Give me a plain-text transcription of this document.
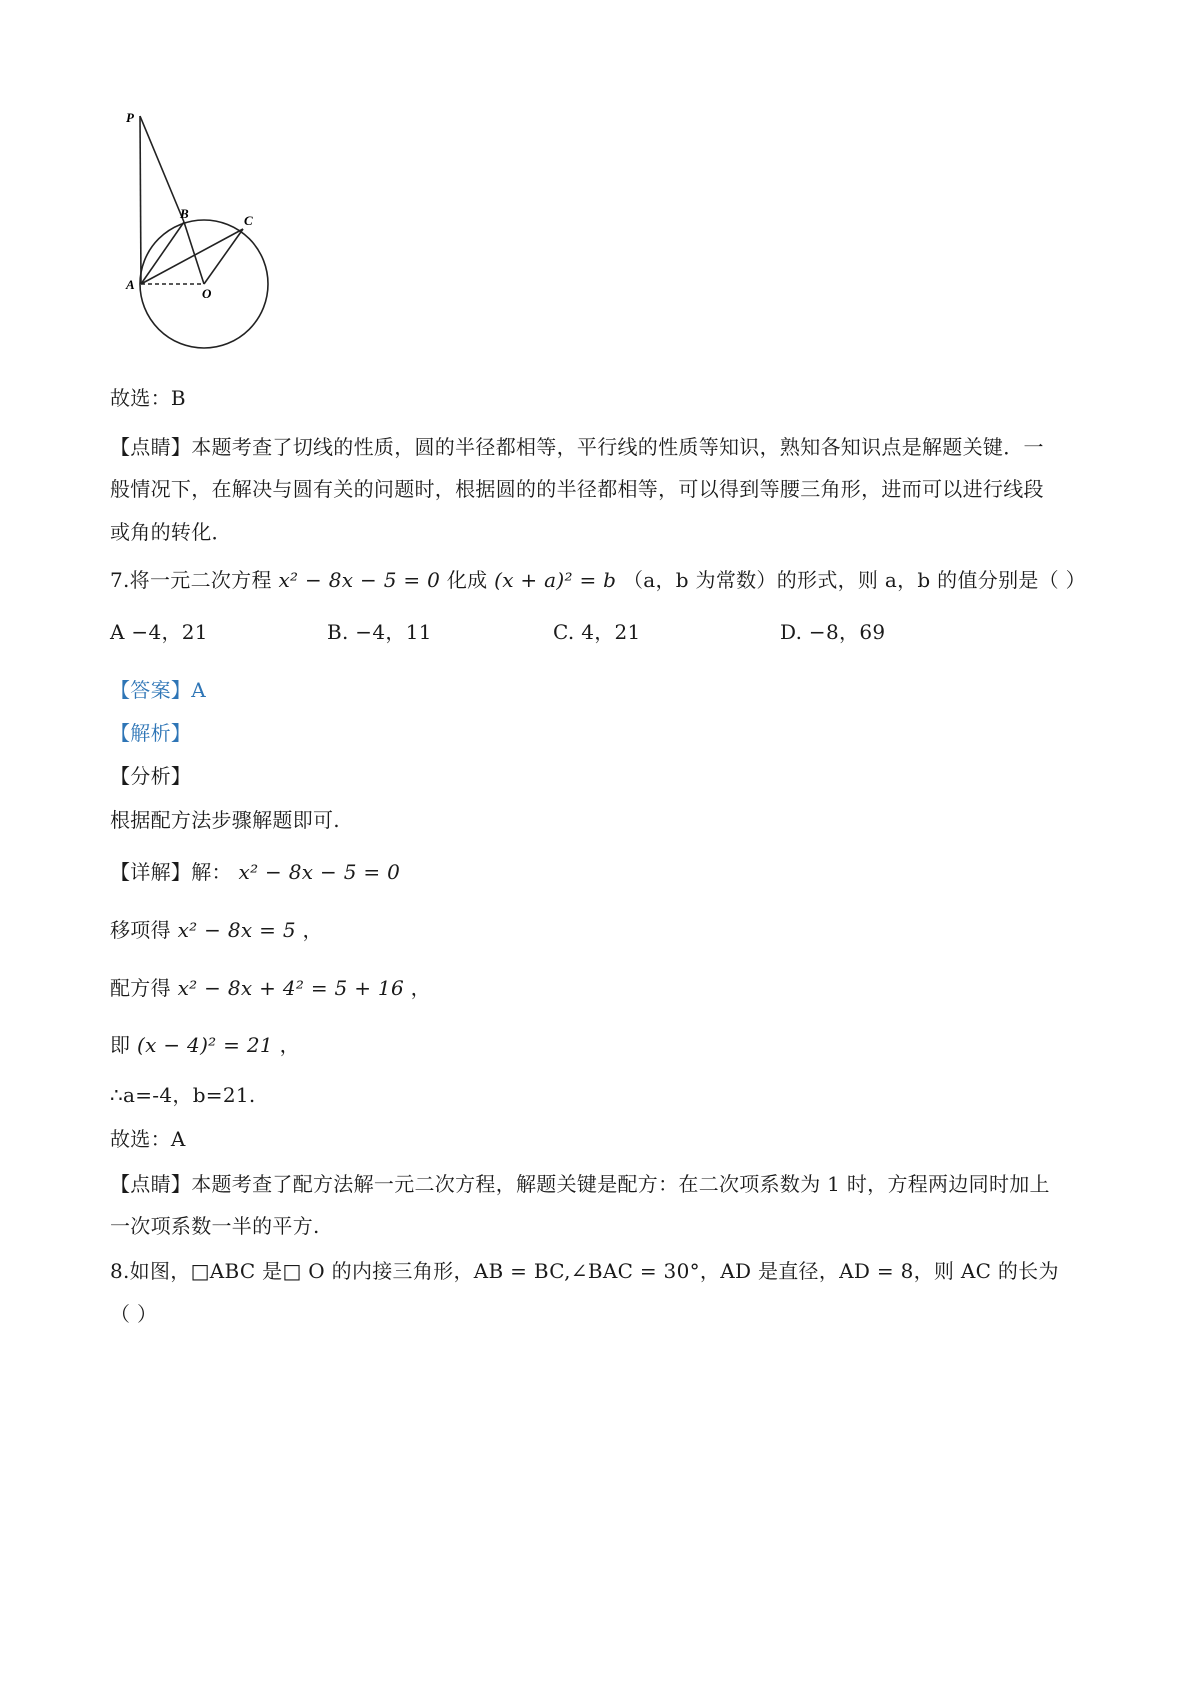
P
B	C
A
O
故选：B
【点睛】本题考查了切线的性质，圆的半径都相等，平行线的性质等知识，熟知各知识点是解题关键．一
般情况下，在解决与圆有关的问题时，根据圆的的半径都相等，可以得到等腰三角形，进而可以进行线段
或角的转化．
7.将一元二次方程 x² − 8x − 5 = 0 化成 (x + a)² = b （a，b 为常数）的形式，则 a，b 的值分别是（ ）
A −4，21	B. −4，11	C. 4，21	D. −8，69
【答案】A
【解析】
【分析】
根据配方法步骤解题即可.
【详解】解： x² − 8x − 5 = 0
移项得 x² − 8x = 5 ，
配方得 x² − 8x + 4² = 5 + 16 ，
即 (x − 4)² = 21 ，
∴a=-4，b=21.
故选：A
【点睛】本题考查了配方法解一元二次方程，解题关键是配方：在二次项系数为 1 时，方程两边同时加上
一次项系数一半的平方.
8.如图，□ABC 是□ O 的内接三角形，AB = BC,∠BAC = 30°，AD 是直径，AD = 8，则 AC 的长为
（ ）
